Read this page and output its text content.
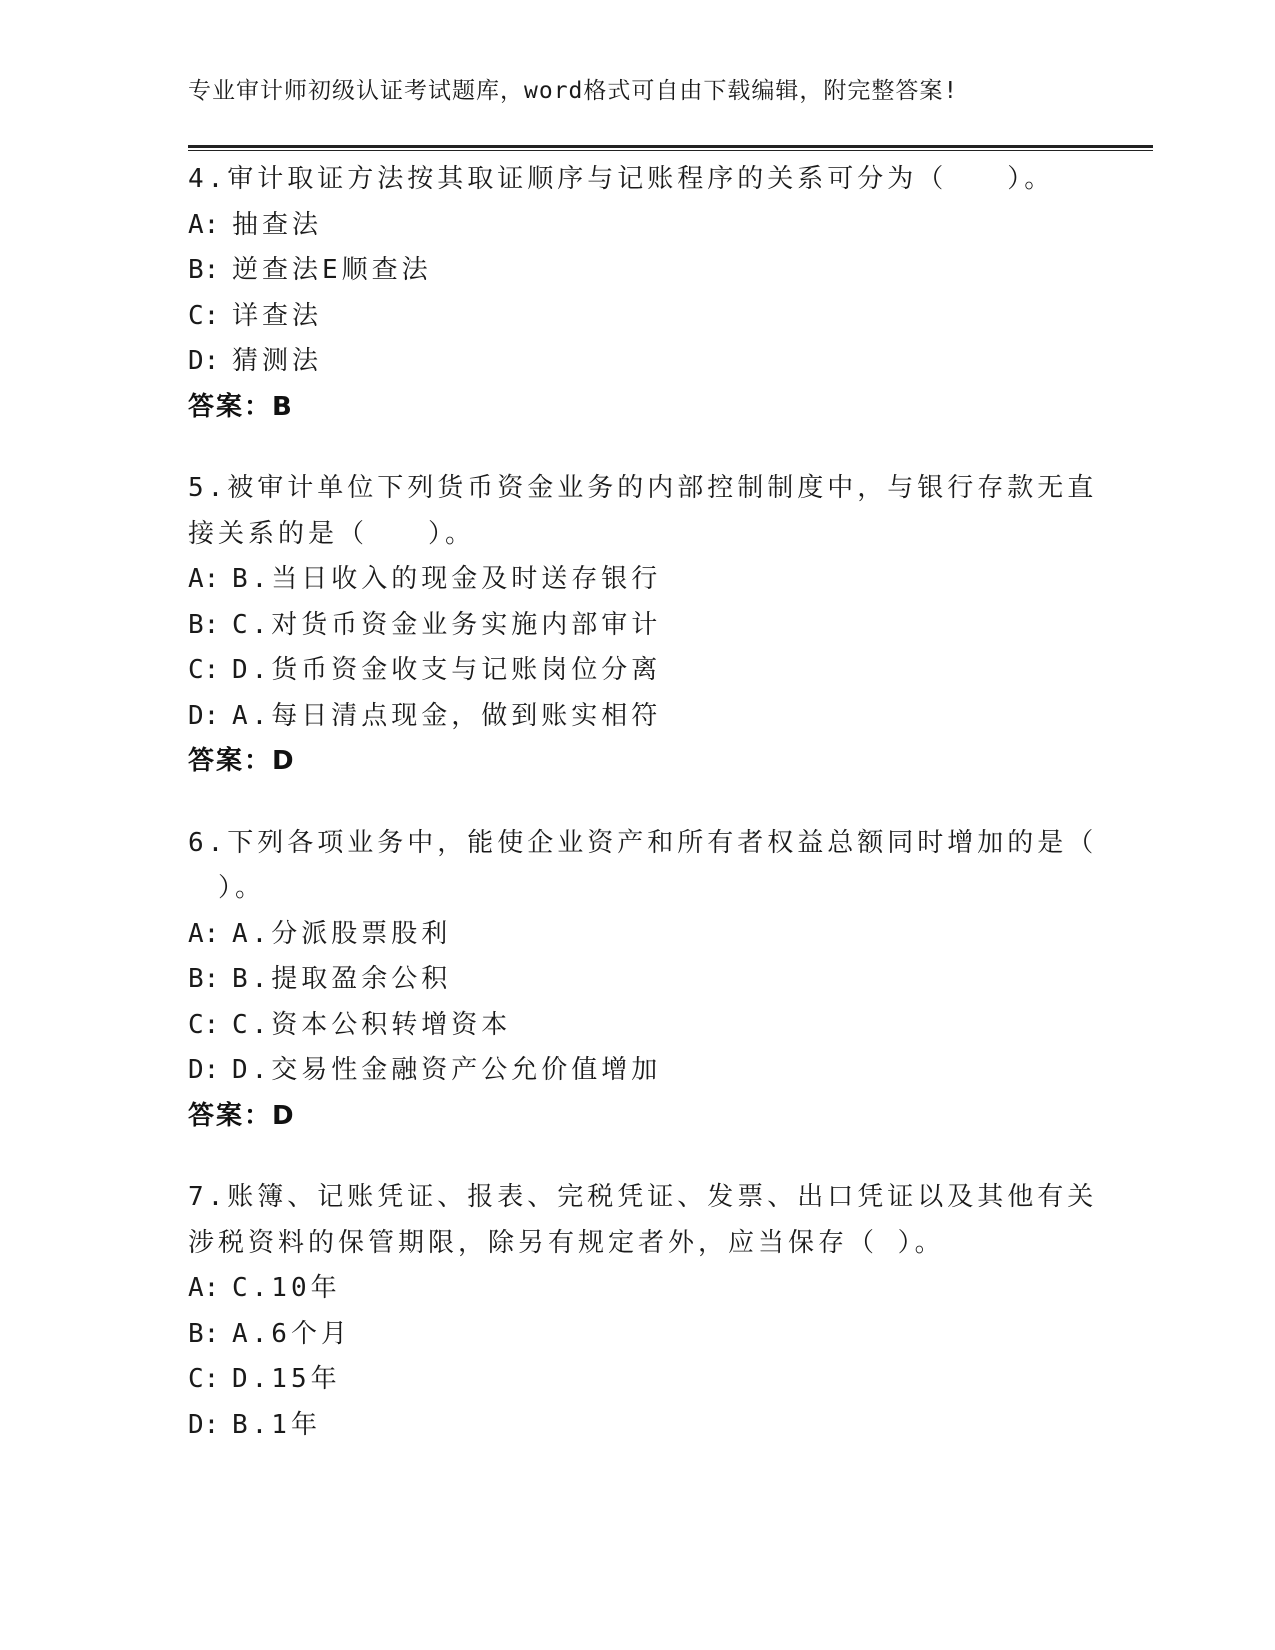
专业审计师初级认证考试题库，word格式可自由下载编辑，附完整答案!
4.审计取证方法按其取证顺序与记账程序的关系可分为（　　）。
A: 抽查法
B: 逆查法E顺查法
C: 详查法
D: 猜测法
答案：B
5.被审计单位下列货币资金业务的内部控制制度中，与银行存款无直
接关系的是（　　）。
A: B.当日收入的现金及时送存银行
B: C.对货币资金业务实施内部审计
C: D.货币资金收支与记账岗位分离
D: A.每日清点现金，做到账实相符
答案：D
6.下列各项业务中，能使企业资产和所有者权益总额同时增加的是（
　）。
A: A.分派股票股利
B: B.提取盈余公积
C: C.资本公积转增资本
D: D.交易性金融资产公允价值增加
答案：D
7.账簿、记账凭证、报表、完税凭证、发票、出口凭证以及其他有关
涉税资料的保管期限，除另有规定者外，应当保存（ ）。
A: C.10年
B: A.6个月
C: D.15年
D: B.1年
